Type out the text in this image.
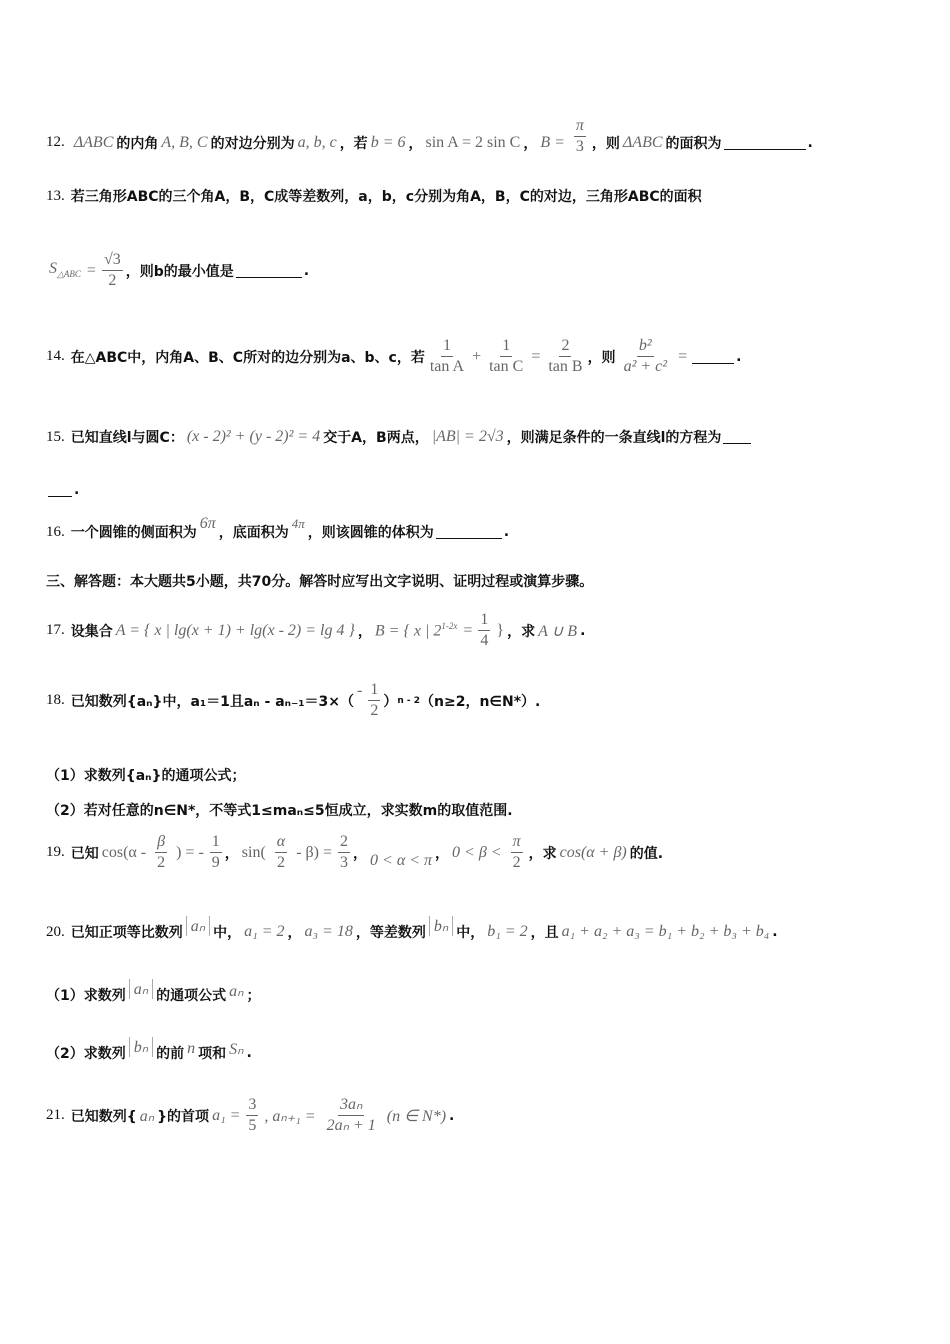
12. ΔABC 的内角 A, B, C 的对边分别为 a, b, c ，若 b = 6 ， sin A = 2 sin C ， $B = \frac{\pi}{3}$ ，则 ΔABC 的面积为	.
13. 若三角形ABC的三个角A，B，C成等差数列，a，b，c分别为角A，B，C的对边，三角形ABC的面积
$S_{\triangle ABC} = \frac{√3}{2}$ ，则b的最小值是	.
14. 在△ABC中，内角A、B、C所对的边分别为a、b、c，若 $\frac{1}{\text{tan A}} + \frac{1}{\text{tan C}} = \frac{2}{\text{tan B}}$ ，则 $\frac{\text{b²}}{\text{a² + c²}}$ =	.
15. 已知直线l与圆C： (x - 2)² + (y - 2)² = 4 交于A，B两点， |AB| = 2√3 ，则满足条件的一条直线l的方程为
.
16. 一个圆锥的侧面积为
6π
，底面积为
4π
，则该圆锥的体积为	.
三、解答题：本大题共5小题，共70分。解答时应写出文字说明、证明过程或演算步骤。
17. 设集合 A = { x | lg(x + 1) + lg(x - 2) = lg 4 } ， B = { x | $2^{1-2x} = \frac{1}{4}$ } ，求 A ∪ B .
18. 已知数列{aₙ}中，a₁＝1且aₙ - aₙ₋₁＝3×（
- $\frac{1}{2}$ ） n - 2 （n≥2，n∈N*）.
（1）求数列{aₙ}的通项公式；
（2）若对任意的n∈N*，不等式1≤maₙ≤5恒成立，求实数m的取值范围.
19. 已知 $\cos(\alpha - \frac{\beta}{2}$ ) = - $\frac{1}{9}$ ， $\sin( \frac{\alpha}{2} - \beta) = \frac{2}{3}$ ， 0 < α < π ， $0 < \beta < \frac{\pi}{2}$ ，求 cos(α + β) 的值.
20. 已知正项等比数列 aₙ 中， a₁ = 2 ， a₃ = 18 ，等差数列 bₙ 中， b₁ = 2 ，且 a₁ + a₂ + a₃ = b₁ + b₂ + b₃ + b₄ .
（1）求数列 aₙ 的通项公式 aₙ ；
（2）求数列 bₙ 的前 n 项和 Sₙ .
21. 已知数列{ aₙ }的首项 $a_1 = \frac{3}{5}$ , $a_{n+1} = \frac{\text{3aₙ}}{\text{2aₙ + 1}} (n$ ∈ N*) .
